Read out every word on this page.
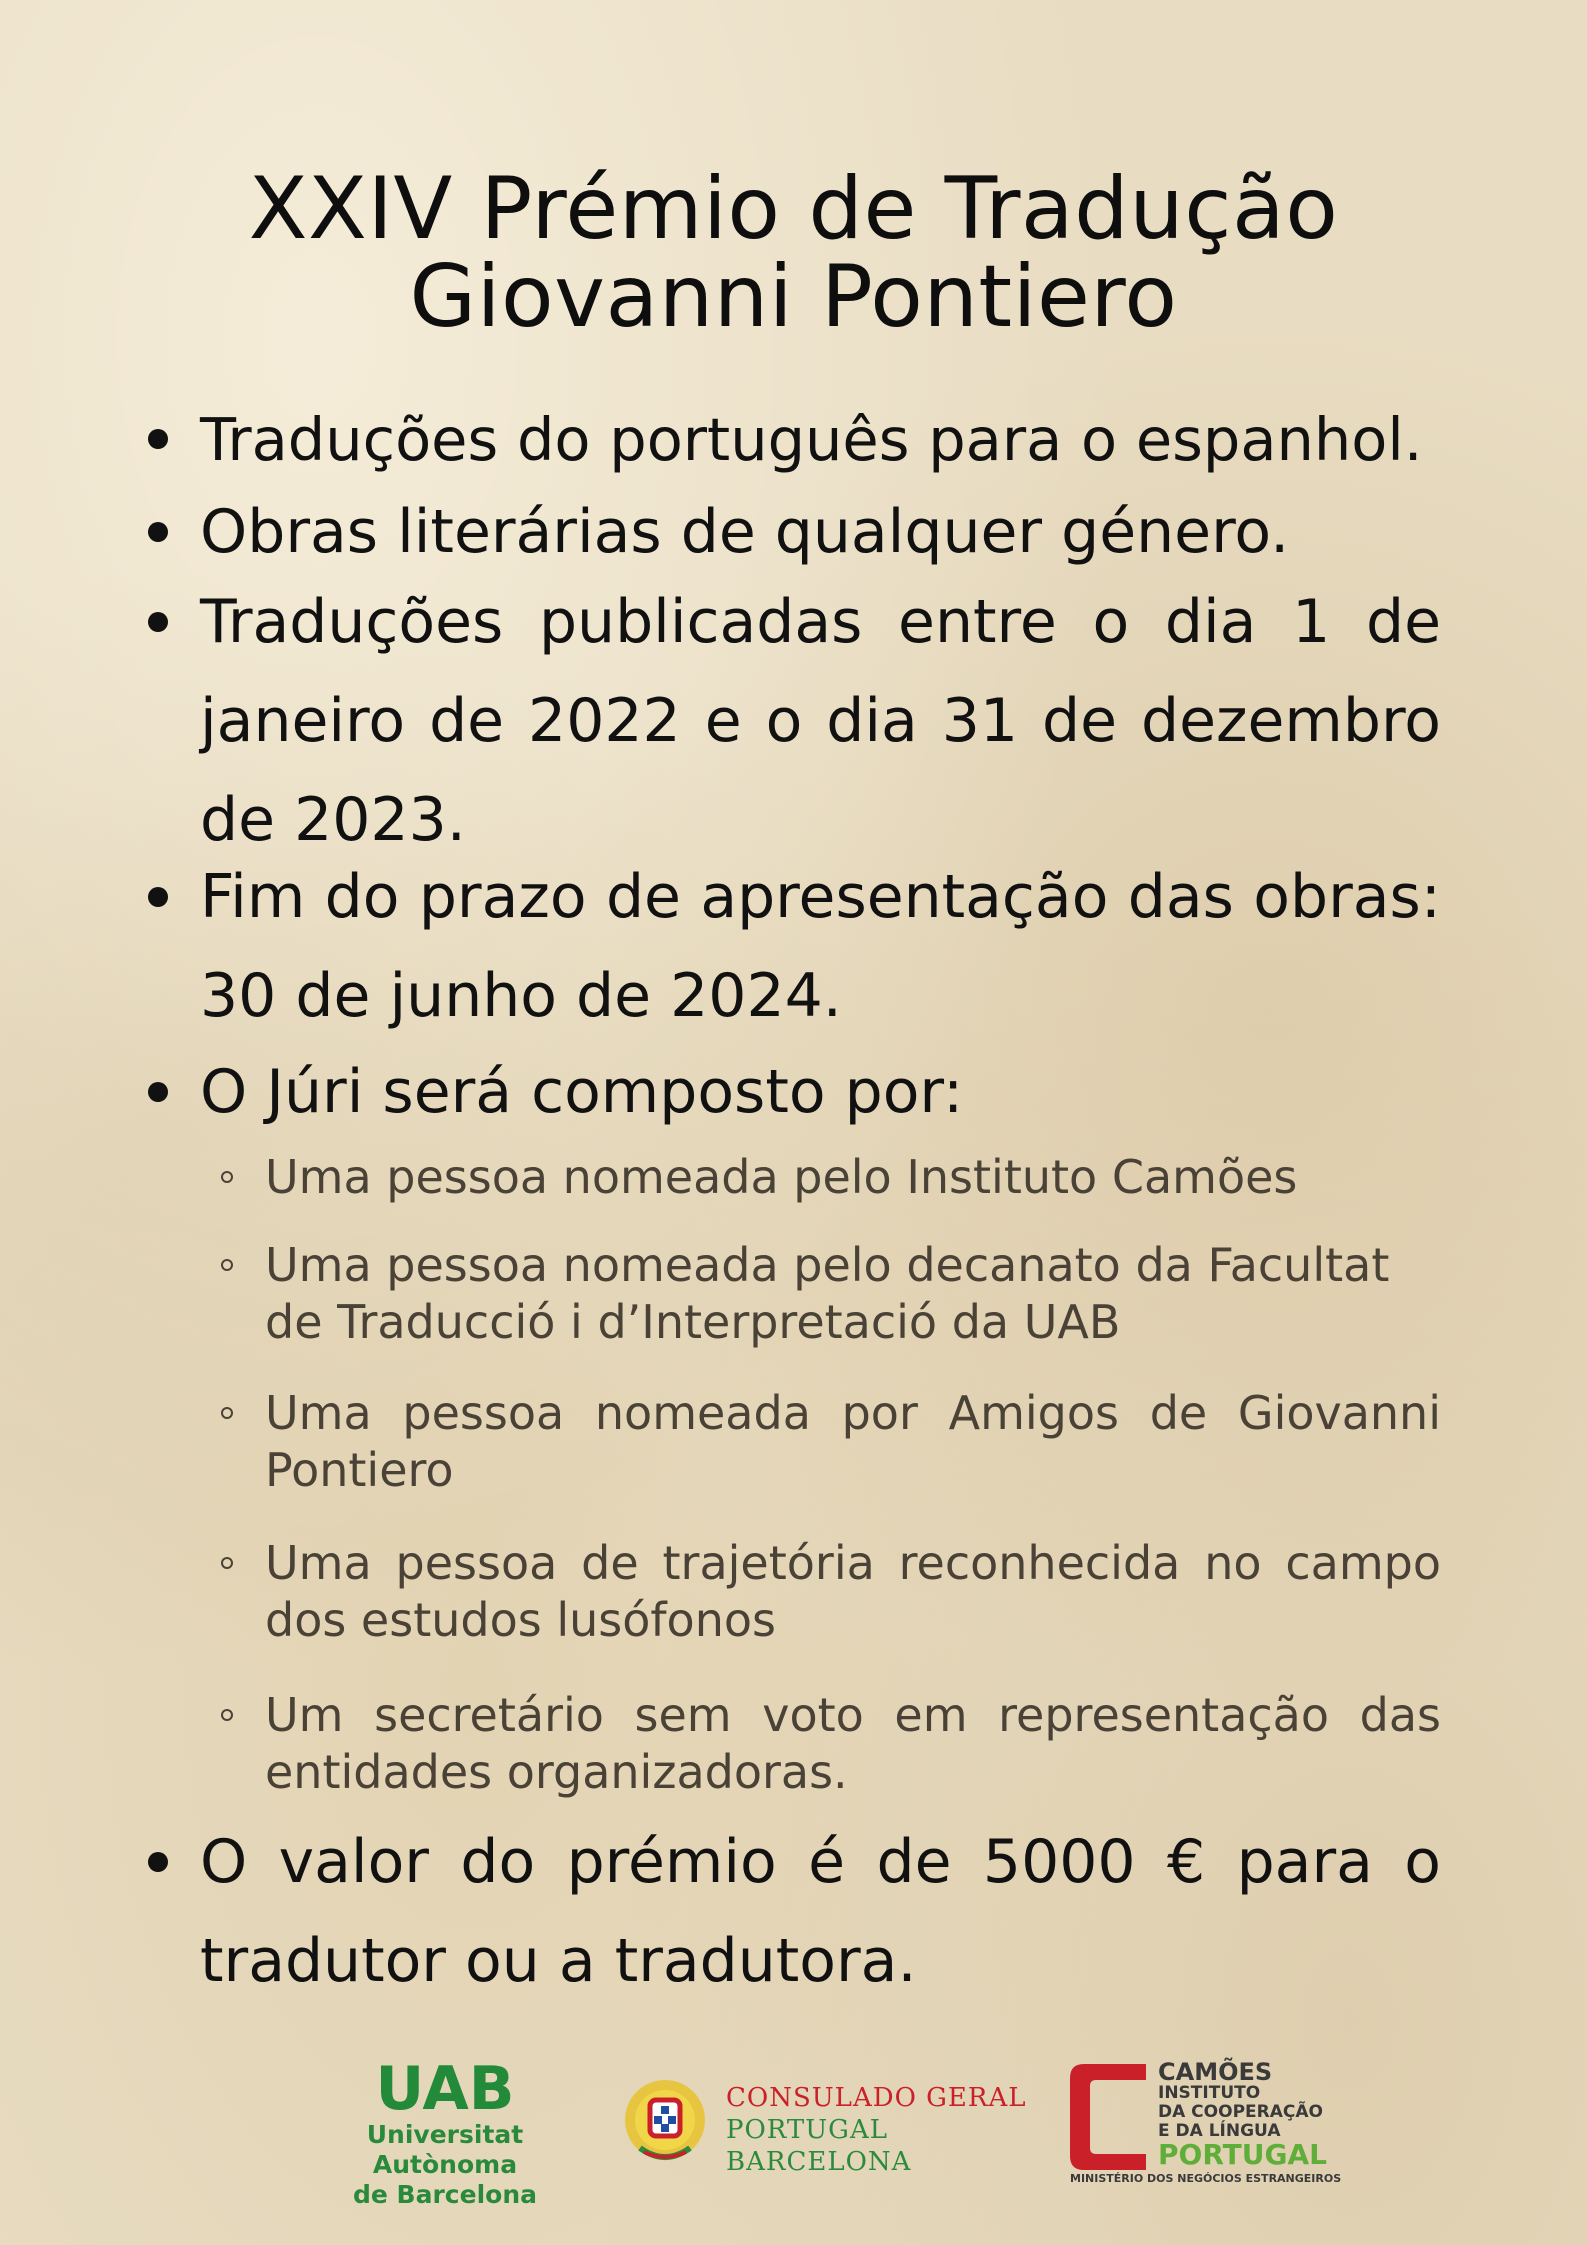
XXIV Prémio de Tradução
Giovanni Pontiero
Traduções do português para o espanhol.
Obras literárias de qualquer género.
Traduções publicadas entre o dia 1 de janeiro de 2022 e o dia 31 de dezembro de 2023.
Fim do prazo de apresentação das obras: 30 de junho de 2024.
O Júri será composto por:
Uma pessoa nomeada pelo Instituto Camões
Uma pessoa nomeada pelo decanato da Facultat de Traducció i d’Interpretació da UAB
Uma pessoa nomeada por Amigos de Giovanni Pontiero
Uma pessoa de trajetória reconhecida no campo dos estudos lusófonos
Um secretário sem voto em representação das entidades organizadoras.
O valor do prémio é de 5000 € para o tradutor ou a tradutora.
UAB
Universitat Autònoma
de Barcelona
CONSULADO GERAL
PORTUGAL BARCELONA
CAMÕES
INSTITUTO
DA COOPERAÇÃO
E DA LÍNGUA
PORTUGAL
MINISTÉRIO DOS NEGÓCIOS ESTRANGEIROS
